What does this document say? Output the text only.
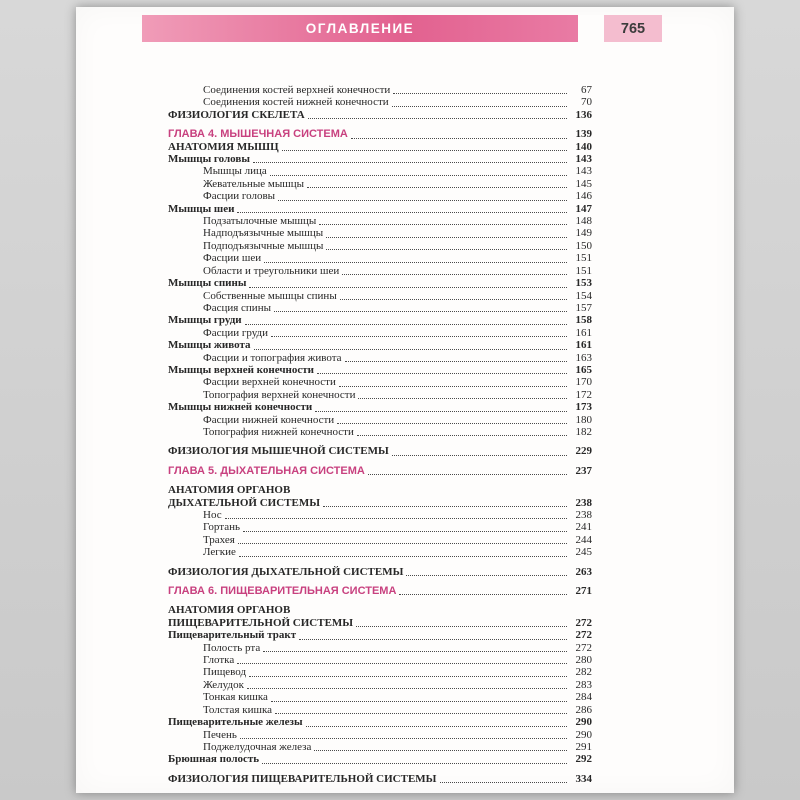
ОГЛАВЛЕНИЕ	765
Соединения костей верхней конечности	67
Соединения костей нижней конечности	70
ФИЗИОЛОГИЯ СКЕЛЕТА	136
ГЛАВА 4. МЫШЕЧНАЯ СИСТЕМА	139
АНАТОМИЯ МЫШЦ	140
Мышцы головы	143
Мышцы лица	143
Жевательные мышцы	145
Фасции головы	146
Мышцы шеи	147
Подзатылочные мышцы	148
Надподъязычные мышцы	149
Подподъязычные мышцы	150
Фасции шеи	151
Области и треугольники шеи	151
Мышцы спины	153
Собственные мышцы спины	154
Фасция спины	157
Мышцы груди	158
Фасции груди	161
Мышцы живота	161
Фасции и топография живота	163
Мышцы верхней конечности	165
Фасции верхней конечности	170
Топография верхней конечности	172
Мышцы нижней конечности	173
Фасции нижней конечности	180
Топография нижней конечности	182
ФИЗИОЛОГИЯ МЫШЕЧНОЙ СИСТЕМЫ	229
ГЛАВА 5. ДЫХАТЕЛЬНАЯ СИСТЕМА	237
АНАТОМИЯ ОРГАНОВ
ДЫХАТЕЛЬНОЙ СИСТЕМЫ	238
Нос	238
Гортань	241
Трахея	244
Легкие	245
ФИЗИОЛОГИЯ ДЫХАТЕЛЬНОЙ СИСТЕМЫ	263
ГЛАВА 6. ПИЩЕВАРИТЕЛЬНАЯ СИСТЕМА	271
АНАТОМИЯ ОРГАНОВ
ПИЩЕВАРИТЕЛЬНОЙ СИСТЕМЫ	272
Пищеварительный тракт	272
Полость рта	272
Глотка	280
Пищевод	282
Желудок	283
Тонкая кишка	284
Толстая кишка	286
Пищеварительные железы	290
Печень	290
Поджелудочная железа	291
Брюшная полость	292
ФИЗИОЛОГИЯ ПИЩЕВАРИТЕЛЬНОЙ СИСТЕМЫ	334
